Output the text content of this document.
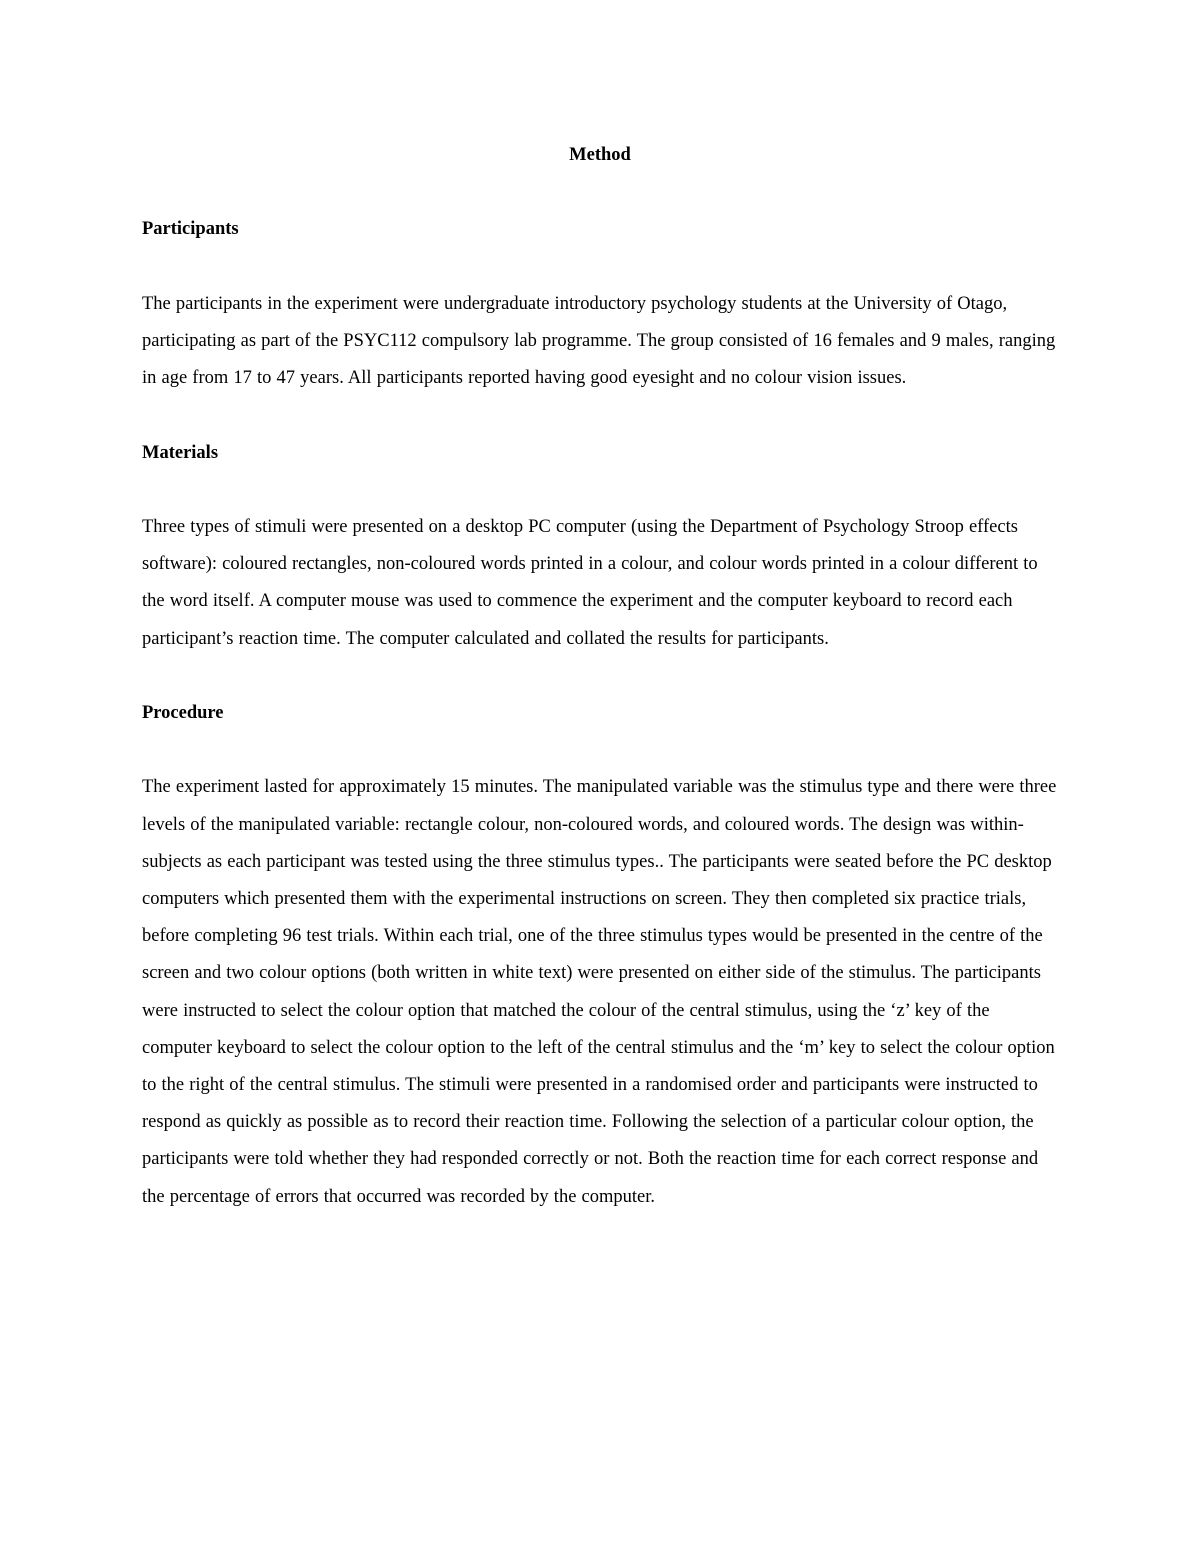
Method
Participants

The participants in the experiment were undergraduate introductory psychology students at the University of Otago, participating as part of the PSYC112 compulsory lab programme. The group consisted of 16 females and 9 males, ranging in age from 17 to 47 years. All participants reported having good eyesight and no colour vision issues.

Materials

Three types of stimuli were presented on a desktop PC computer (using the Department of Psychology Stroop effects software): coloured rectangles, non-coloured words printed in a colour, and colour words printed in a colour different to the word itself. A computer mouse was used to commence the experiment and the computer keyboard to record each participant’s reaction time. The computer calculated and collated the results for participants.

Procedure

The experiment lasted for approximately 15 minutes. The manipulated variable was the stimulus type and there were three levels of the manipulated variable: rectangle colour, non-coloured words, and coloured words. The design was within-subjects as each participant was tested using the three stimulus types.. The participants were seated before the PC desktop computers which presented them with the experimental instructions on screen. They then completed six practice trials, before completing 96 test trials. Within each trial, one of the three stimulus types would be presented in the centre of the screen and two colour options (both written in white text) were presented on either side of the stimulus. The participants were instructed to select the colour option that matched the colour of the central stimulus, using the ‘z’ key of the computer keyboard to select the colour option to the left of the central stimulus and the ‘m’ key to select the colour option to the right of the central stimulus. The stimuli were presented in a randomised order and participants were instructed to respond as quickly as possible as to record their reaction time. Following the selection of a particular colour option, the participants were told whether they had responded correctly or not. Both the reaction time for each correct response and the percentage of errors that occurred was recorded by the computer.
